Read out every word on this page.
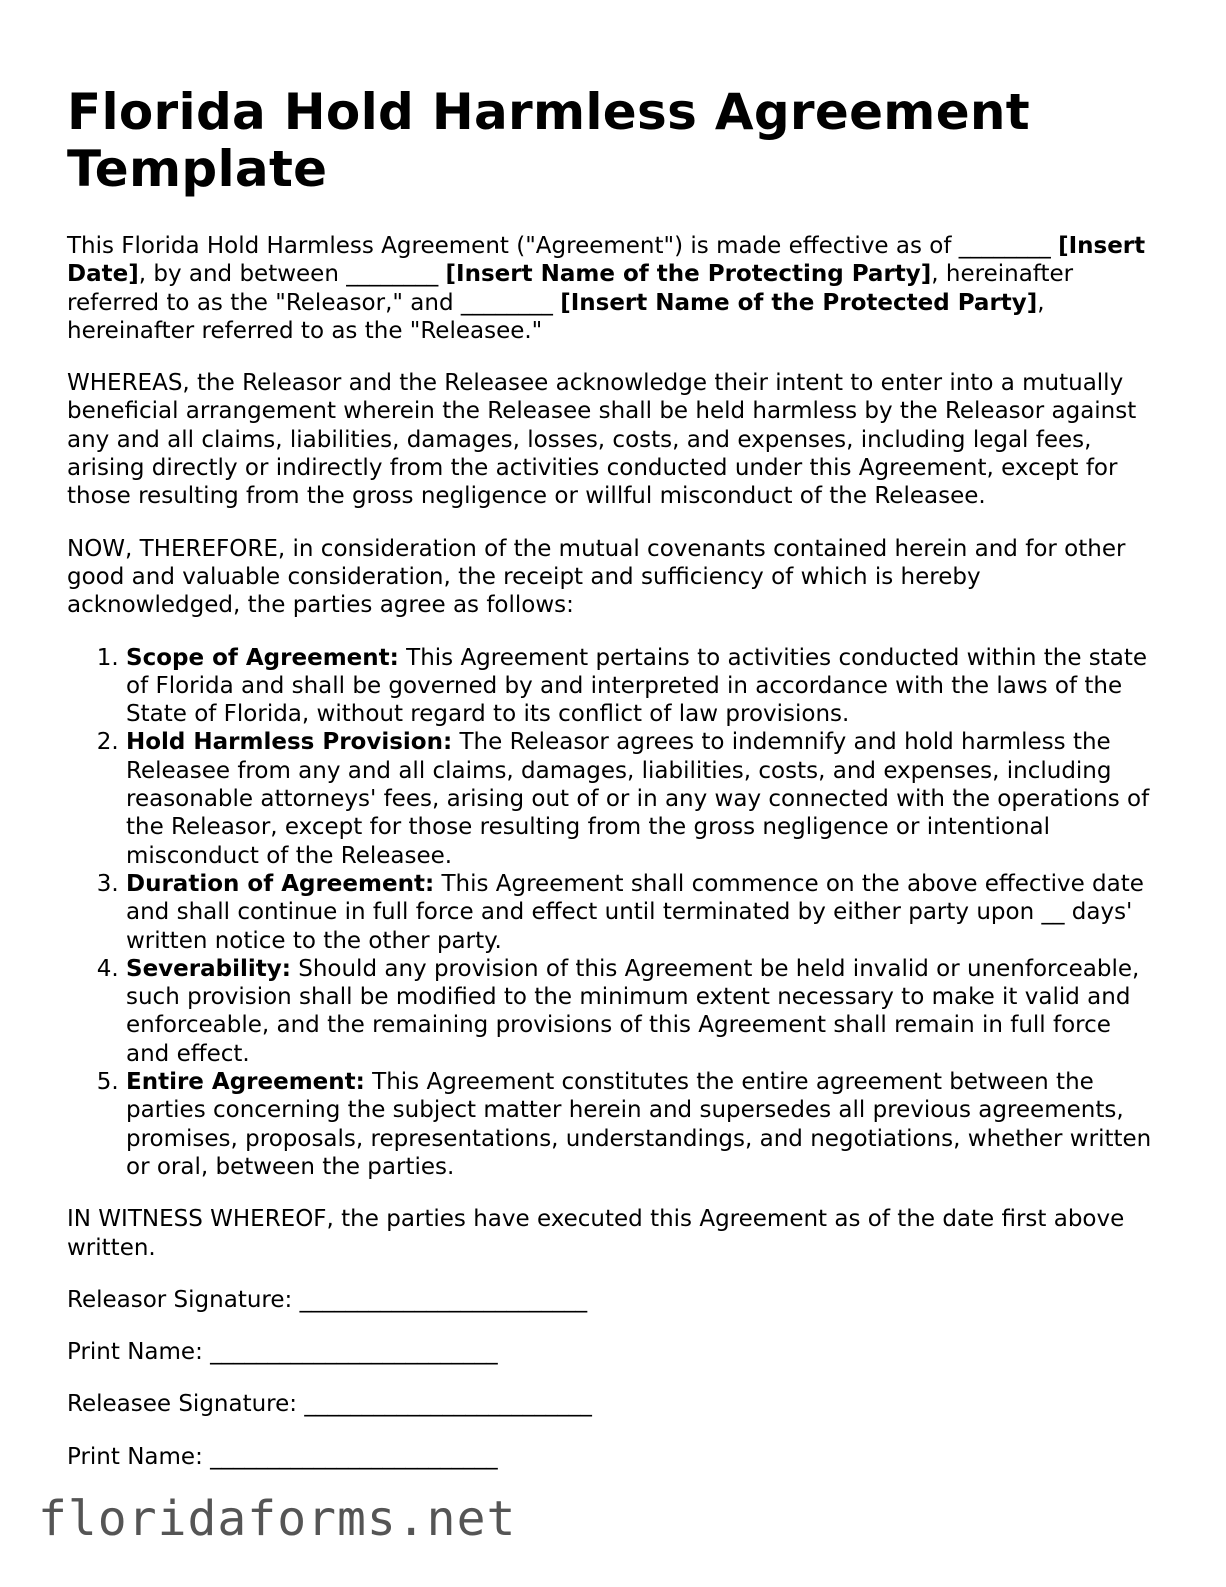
Florida Hold Harmless Agreement Template

This Florida Hold Harmless Agreement ("Agreement") is made effective as of ________ [Insert Date], by and between ________ [Insert Name of the Protecting Party], hereinafter referred to as the "Releasor," and ________ [Insert Name of the Protected Party], hereinafter referred to as the "Releasee."

WHEREAS, the Releasor and the Releasee acknowledge their intent to enter into a mutually beneficial arrangement wherein the Releasee shall be held harmless by the Releasor against any and all claims, liabilities, damages, losses, costs, and expenses, including legal fees, arising directly or indirectly from the activities conducted under this Agreement, except for those resulting from the gross negligence or willful misconduct of the Releasee.

NOW, THEREFORE, in consideration of the mutual covenants contained herein and for other good and valuable consideration, the receipt and sufficiency of which is hereby acknowledged, the parties agree as follows:

1. Scope of Agreement: This Agreement pertains to activities conducted within the state of Florida and shall be governed by and interpreted in accordance with the laws of the State of Florida, without regard to its conflict of law provisions.
2. Hold Harmless Provision: The Releasor agrees to indemnify and hold harmless the Releasee from any and all claims, damages, liabilities, costs, and expenses, including reasonable attorneys' fees, arising out of or in any way connected with the operations of the Releasor, except for those resulting from the gross negligence or intentional misconduct of the Releasee.
3. Duration of Agreement: This Agreement shall commence on the above effective date and shall continue in full force and effect until terminated by either party upon __ days' written notice to the other party.
4. Severability: Should any provision of this Agreement be held invalid or unenforceable, such provision shall be modified to the minimum extent necessary to make it valid and enforceable, and the remaining provisions of this Agreement shall remain in full force and effect.
5. Entire Agreement: This Agreement constitutes the entire agreement between the parties concerning the subject matter herein and supersedes all previous agreements, promises, proposals, representations, understandings, and negotiations, whether written or oral, between the parties.

IN WITNESS WHEREOF, the parties have executed this Agreement as of the date first above written.

Releasor Signature: _________________________

Print Name: _________________________

Releasee Signature: _________________________

Print Name: _________________________

floridaforms.net
